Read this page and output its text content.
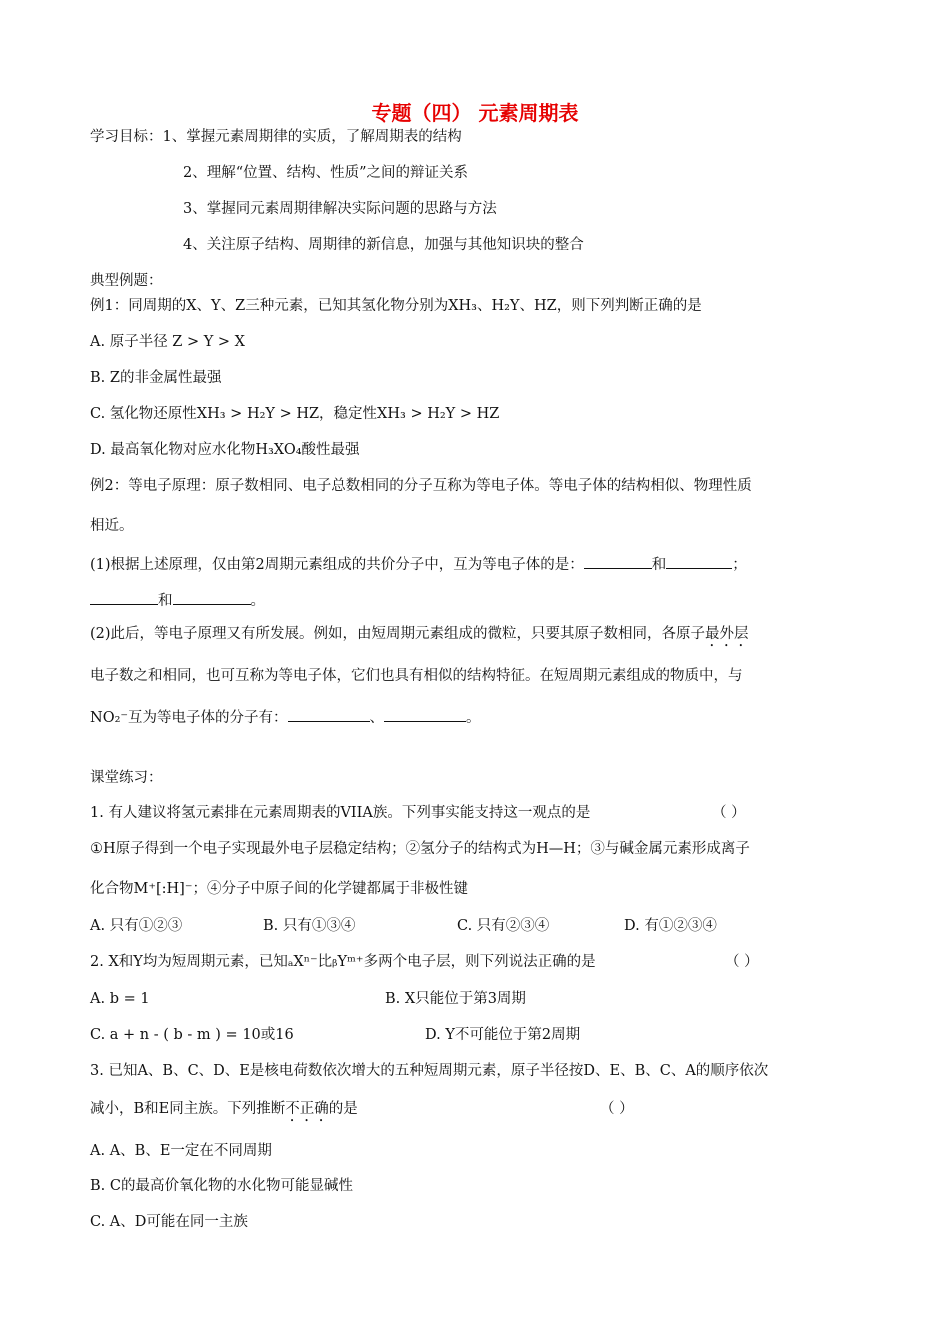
专题（四） 元素周期表
学习目标：1、掌握元素周期律的实质，了解周期表的结构
2、理解“位置、结构、性质”之间的辩证关系
3、掌握同元素周期律解决实际问题的思路与方法
4、关注原子结构、周期律的新信息，加强与其他知识块的整合
典型例题：
例1：同周期的X、Y、Z三种元素，已知其氢化物分别为XH₃、H₂Y、HZ，则下列判断正确的是
A. 原子半径 Z > Y > X
B. Z的非金属性最强
C. 氢化物还原性XH₃ > H₂Y > HZ，稳定性XH₃ > H₂Y > HZ
D. 最高氧化物对应水化物H₃XO₄酸性最强
例2：等电子原理：原子数相同、电子总数相同的分子互称为等电子体。等电子体的结构相似、物理性质
相近。
(1)根据上述原理，仅由第2周期元素组成的共价分子中，互为等电子体的是：	和	；
和	。
(2)此后，等电子原理又有所发展。例如，由短周期元素组成的微粒，只要其原子数相同，各原子最外层
电子数之和相同，也可互称为等电子体，它们也具有相似的结构特征。在短周期元素组成的物质中，与
NO₂⁻互为等电子体的分子有：	、	。
课堂练习：
1. 有人建议将氢元素排在元素周期表的VIIA族。下列事实能支持这一观点的是	（ ）
①H原子得到一个电子实现最外电子层稳定结构；②氢分子的结构式为H—H；③与碱金属元素形成离子
化合物M⁺[:H]⁻；④分子中原子间的化学键都属于非极性键
A. 只有①②③	B. 只有①③④	C. 只有②③④	D. 有①②③④
2. X和Y均为短周期元素，已知ₐXⁿ⁻比ᵦYᵐ⁺多两个电子层，则下列说法正确的是	（ ）
A. b = 1	B. X只能位于第3周期
C. a + n - ( b - m ) = 10或16	D. Y不可能位于第2周期
3. 已知A、B、C、D、E是核电荷数依次增大的五种短周期元素，原子半径按D、E、B、C、A的顺序依次
减小，B和E同主族。下列推断不正确的是	（ ）
A. A、B、E一定在不同周期
B. C的最高价氧化物的水化物可能显碱性
C. A、D可能在同一主族
